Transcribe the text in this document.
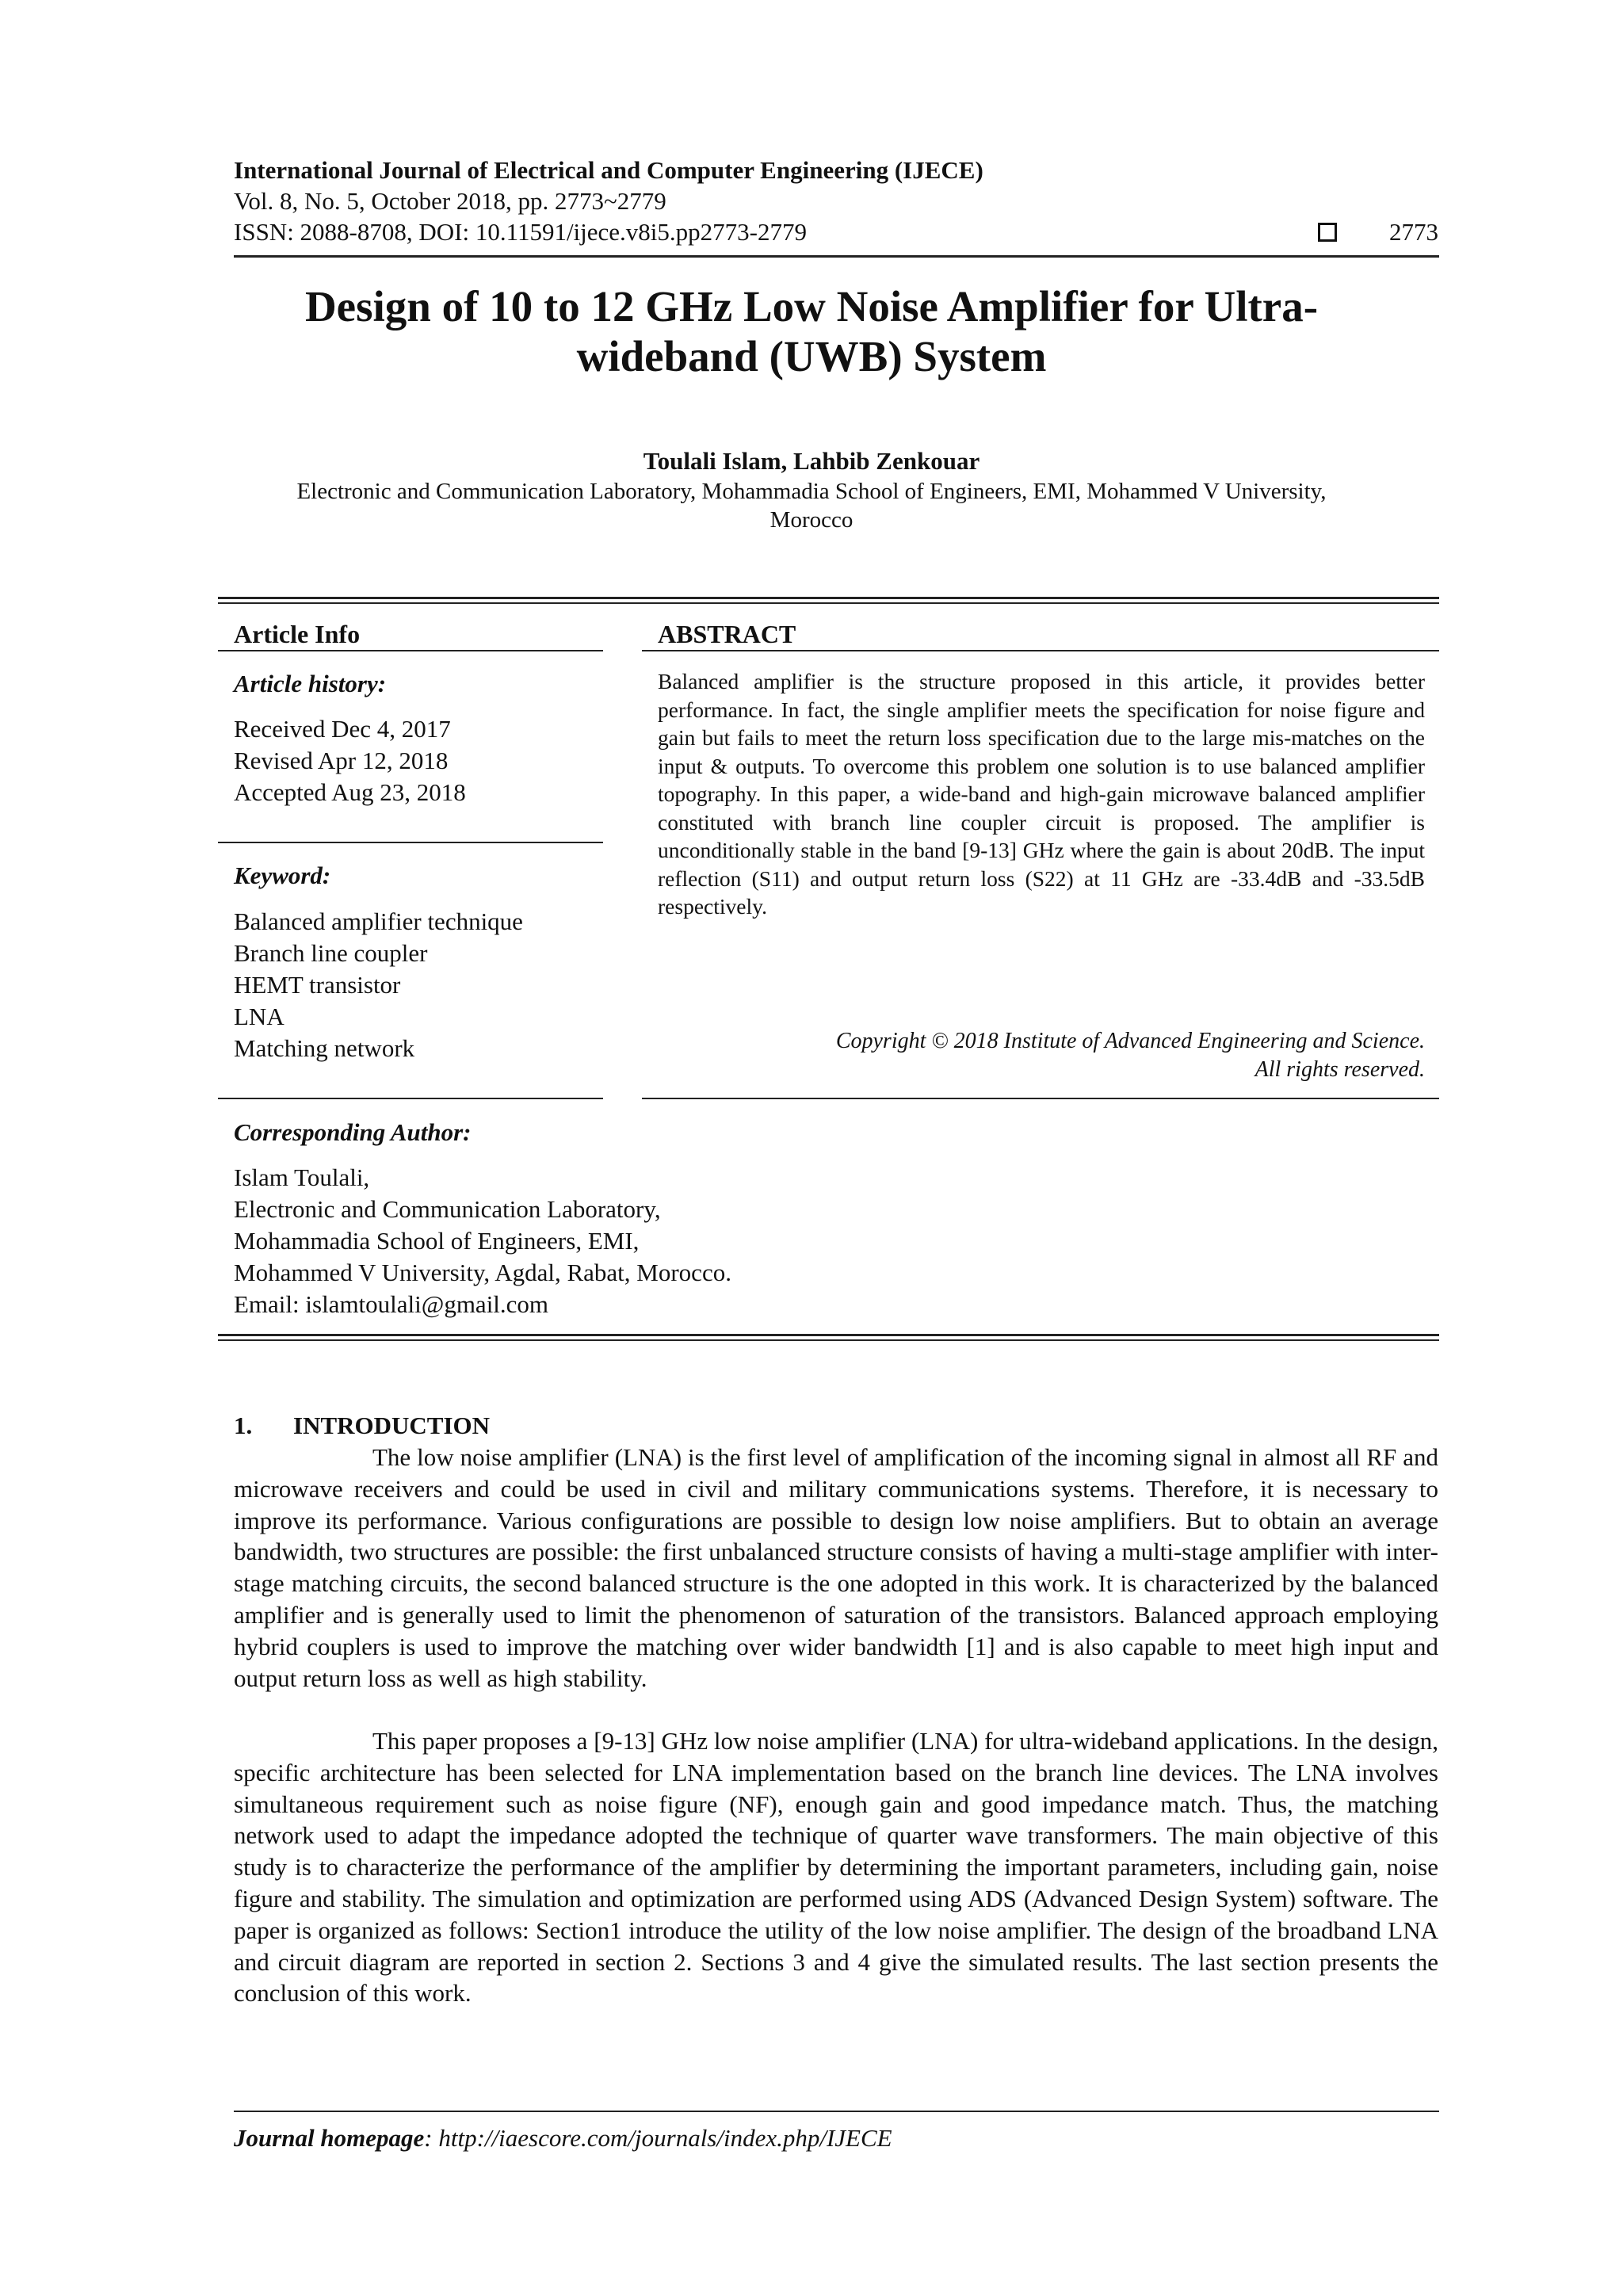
International Journal of Electrical and Computer Engineering (IJECE)
Vol. 8, No. 5, October 2018, pp. 2773~2779
ISSN: 2088-8708, DOI: 10.11591/ijece.v8i5.pp2773-2779	2773
Design of 10 to 12 GHz Low Noise Amplifier for Ultra-
wideband (UWB) System
Toulali Islam, Lahbib Zenkouar
Electronic and Communication Laboratory, Mohammadia School of Engineers, EMI, Mohammed V University,
Morocco
Article Info
Article history:
Received Dec 4, 2017
Revised Apr 12, 2018
Accepted Aug 23, 2018
Keyword:
Balanced amplifier technique
Branch line coupler
HEMT transistor
LNA
Matching network
ABSTRACT
Balanced amplifier is the structure proposed in this article, it provides better performance. In fact, the single amplifier meets the specification for noise figure and gain but fails to meet the return loss specification due to the large mis-matches on the input & outputs. To overcome this problem one solution is to use balanced amplifier topography. In this paper, a wide-band and high-gain microwave balanced amplifier constituted with branch line coupler circuit is proposed. The amplifier is unconditionally stable in the band [9-13] GHz where the gain is about 20dB. The input reflection (S11) and output return loss (S22) at 11 GHz are -33.4dB and -33.5dB respectively.
Copyright © 2018 Institute of Advanced Engineering and Science.
All rights reserved.
Corresponding Author:
Islam Toulali,
Electronic and Communication Laboratory,
Mohammadia School of Engineers, EMI,
Mohammed V University, Agdal, Rabat, Morocco.
Email: islamtoulali@gmail.com
1. INTRODUCTION

The low noise amplifier (LNA) is the first level of amplification of the incoming signal in almost all RF and microwave receivers and could be used in civil and military communications systems. Therefore, it is necessary to improve its performance. Various configurations are possible to design low noise amplifiers. But to obtain an average bandwidth, two structures are possible: the first unbalanced structure consists of having a multi-stage amplifier with inter-stage matching circuits, the second balanced structure is the one adopted in this work. It is characterized by the balanced amplifier and is generally used to limit the phenomenon of saturation of the transistors. Balanced approach employing hybrid couplers is used to improve the matching over wider bandwidth [1] and is also capable to meet high input and output return loss as well as high stability.

This paper proposes a [9-13] GHz low noise amplifier (LNA) for ultra-wideband applications. In the design, specific architecture has been selected for LNA implementation based on the branch line devices. The LNA involves simultaneous requirement such as noise figure (NF), enough gain and good impedance match. Thus, the matching network used to adapt the impedance adopted the technique of quarter wave transformers. The main objective of this study is to characterize the performance of the amplifier by determining the important parameters, including gain, noise figure and stability. The simulation and optimization are performed using ADS (Advanced Design System) software. The paper is organized as follows: Section1 introduce the utility of the low noise amplifier. The design of the broadband LNA and circuit diagram are reported in section 2. Sections 3 and 4 give the simulated results. The last section presents the conclusion of this work.

Journal homepage: http://iaescore.com/journals/index.php/IJECE
